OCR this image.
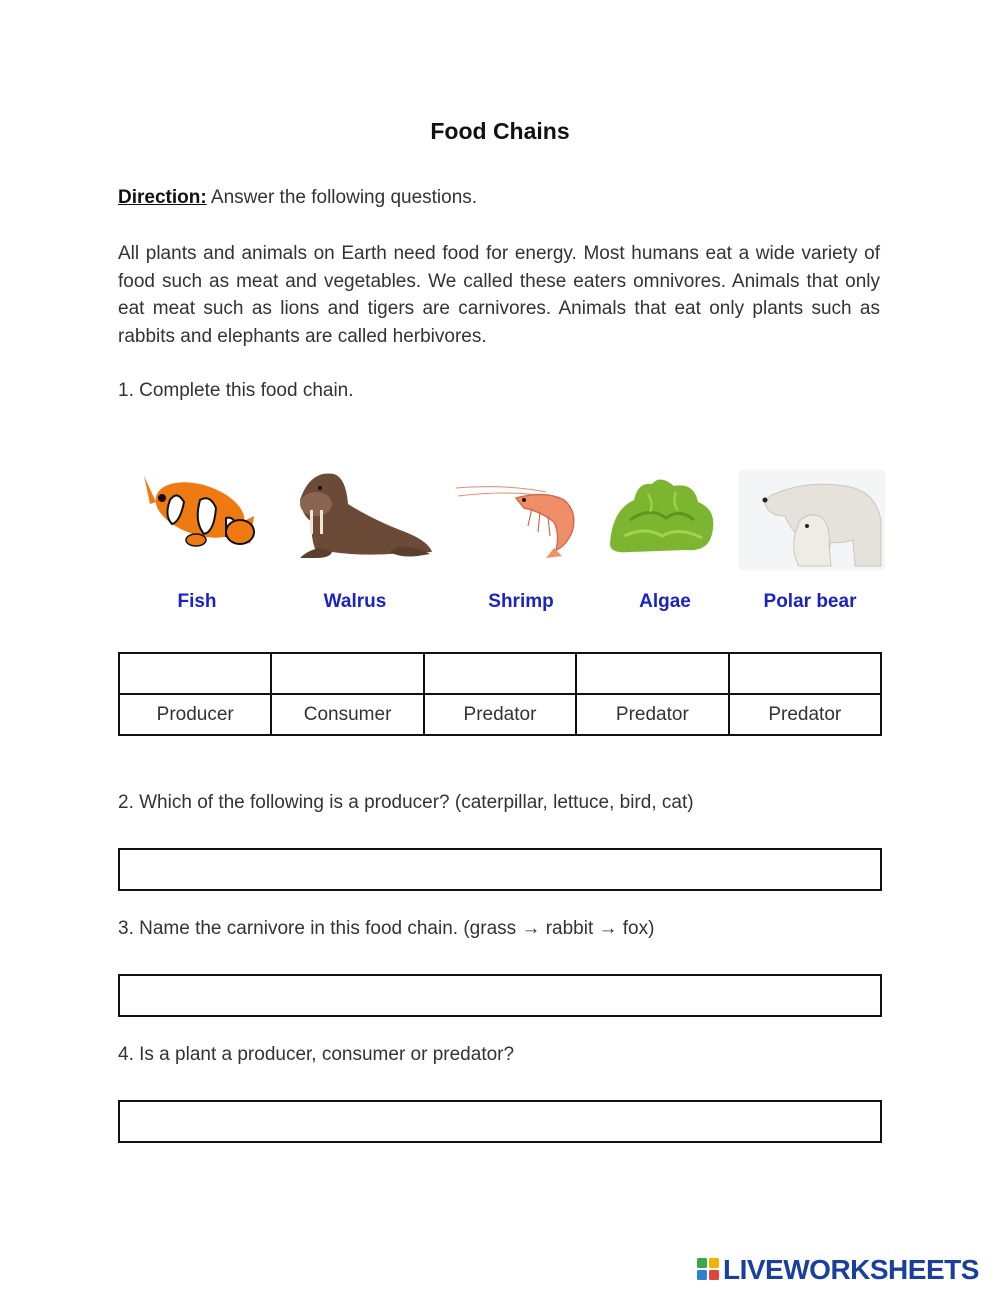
Food Chains
Direction: Answer the following questions.
All plants and animals on Earth need food for energy. Most humans eat a wide variety of food such as meat and vegetables. We called these eaters omnivores. Animals that only eat meat such as lions and tigers are carnivores. Animals that eat only plants such as rabbits and elephants are called herbivores.
1. Complete this food chain.
Fish	Walrus	Shrimp	Algae	Polar bear

Producer	Consumer	Predator	Predator	Predator
2. Which of the following is a producer? (caterpillar, lettuce, bird, cat)
3. Name the carnivore in this food chain. (grass → rabbit → fox)
4. Is a plant a producer, consumer or predator?
LIVEWORKSHEETS
